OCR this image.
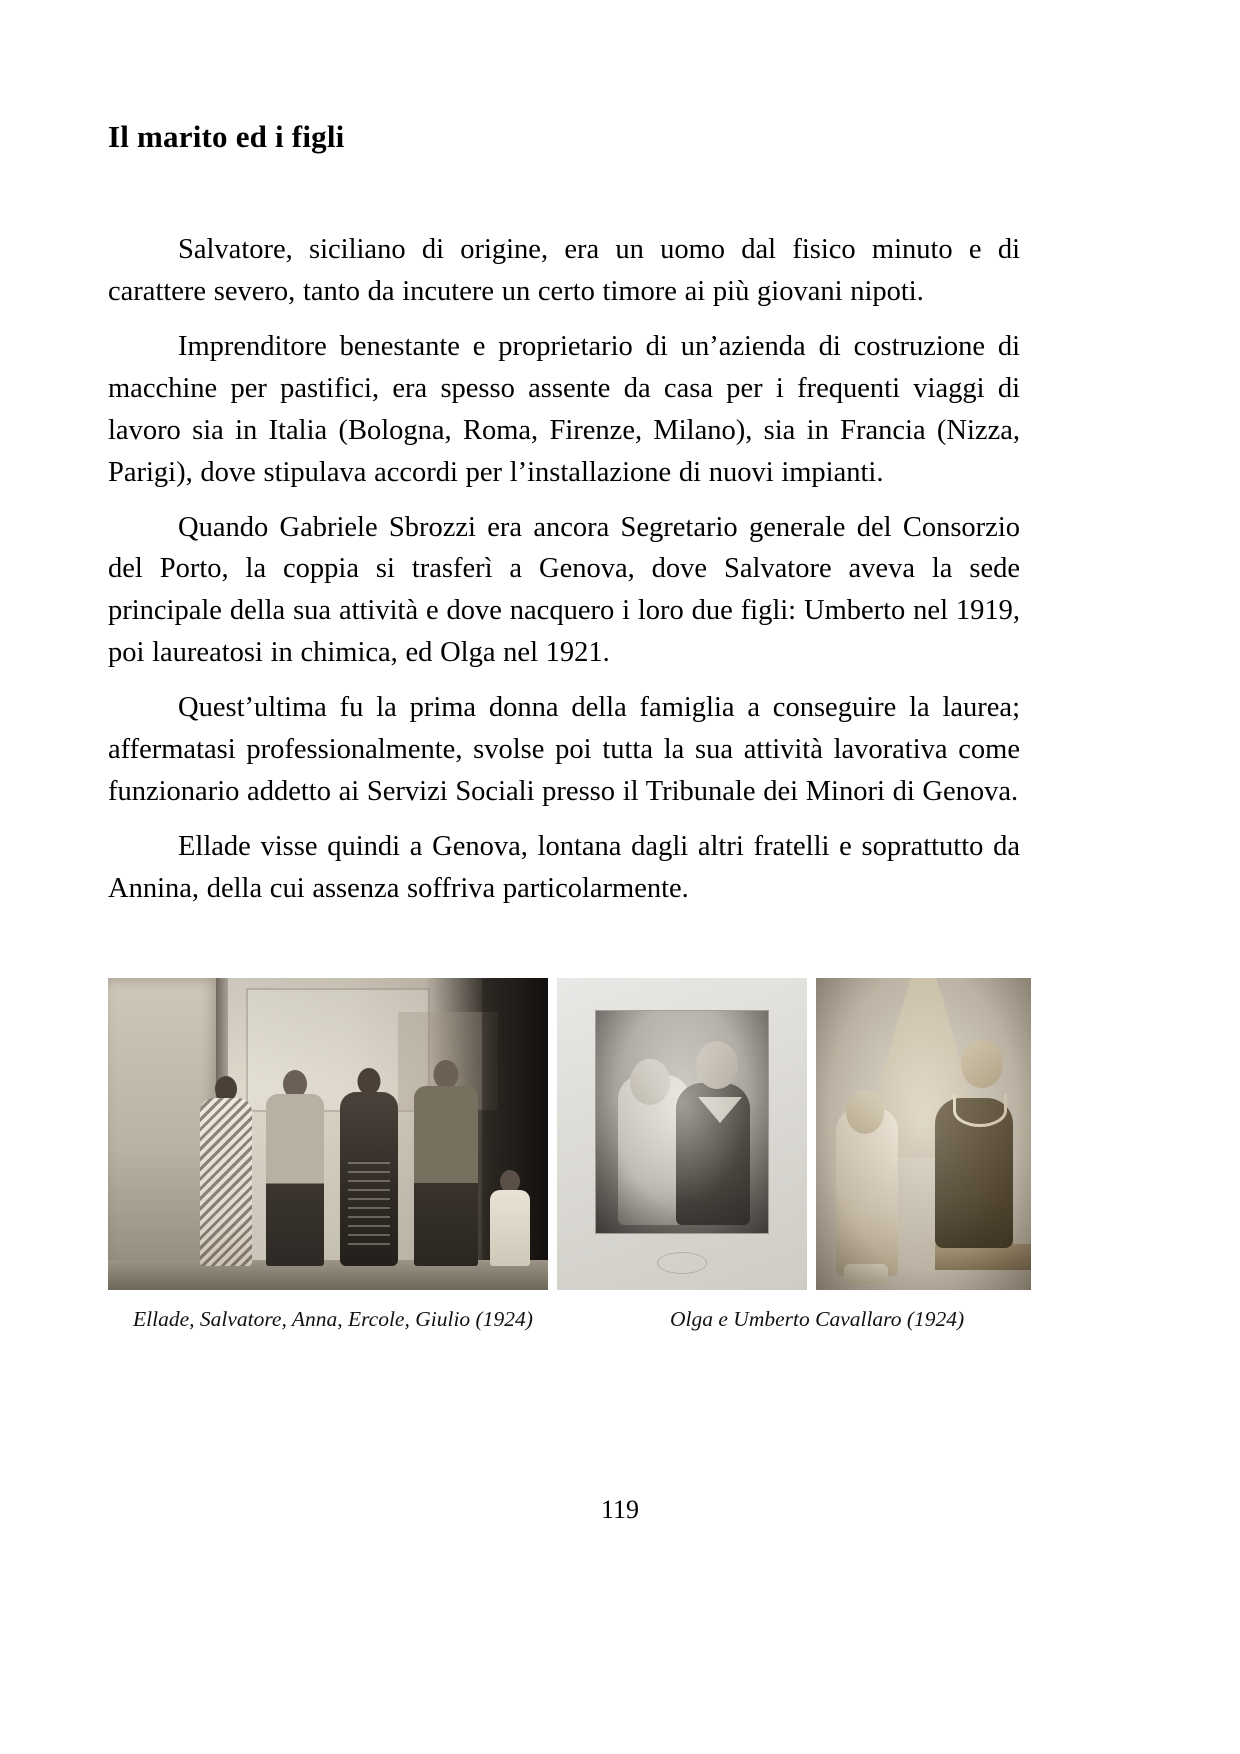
Il marito ed i figli

Salvatore, siciliano di origine, era un uomo dal fisico minuto e di carattere severo, tanto da incutere un certo timore ai più giovani nipoti.

Imprenditore benestante e proprietario di un’azienda di costruzione di macchine per pastifici, era spesso assente da casa per i frequenti viaggi di lavoro sia in Italia (Bologna, Roma, Firenze, Milano), sia in Francia (Nizza, Parigi), dove stipulava accordi per l’installazione di nuovi impianti.

Quando Gabriele Sbrozzi era ancora Segretario generale del Consorzio del Porto, la coppia si trasferì a Genova, dove Salvatore aveva la sede principale della sua attività e dove nacquero i loro due figli: Umberto nel 1919, poi laureatosi in chimica, ed Olga nel 1921.

Quest’ultima fu la prima donna della famiglia a conseguire la laurea; affermatasi professionalmente, svolse poi tutta la sua attività lavorativa come funzionario addetto ai Servizi Sociali presso il Tribunale dei Minori di Genova.

Ellade visse quindi a Genova, lontana dagli altri fratelli e soprattutto da Annina, della cui assenza soffriva particolarmente.

Ellade, Salvatore, Anna, Ercole, Giulio (1924)	Olga e Umberto Cavallaro (1924)
119
